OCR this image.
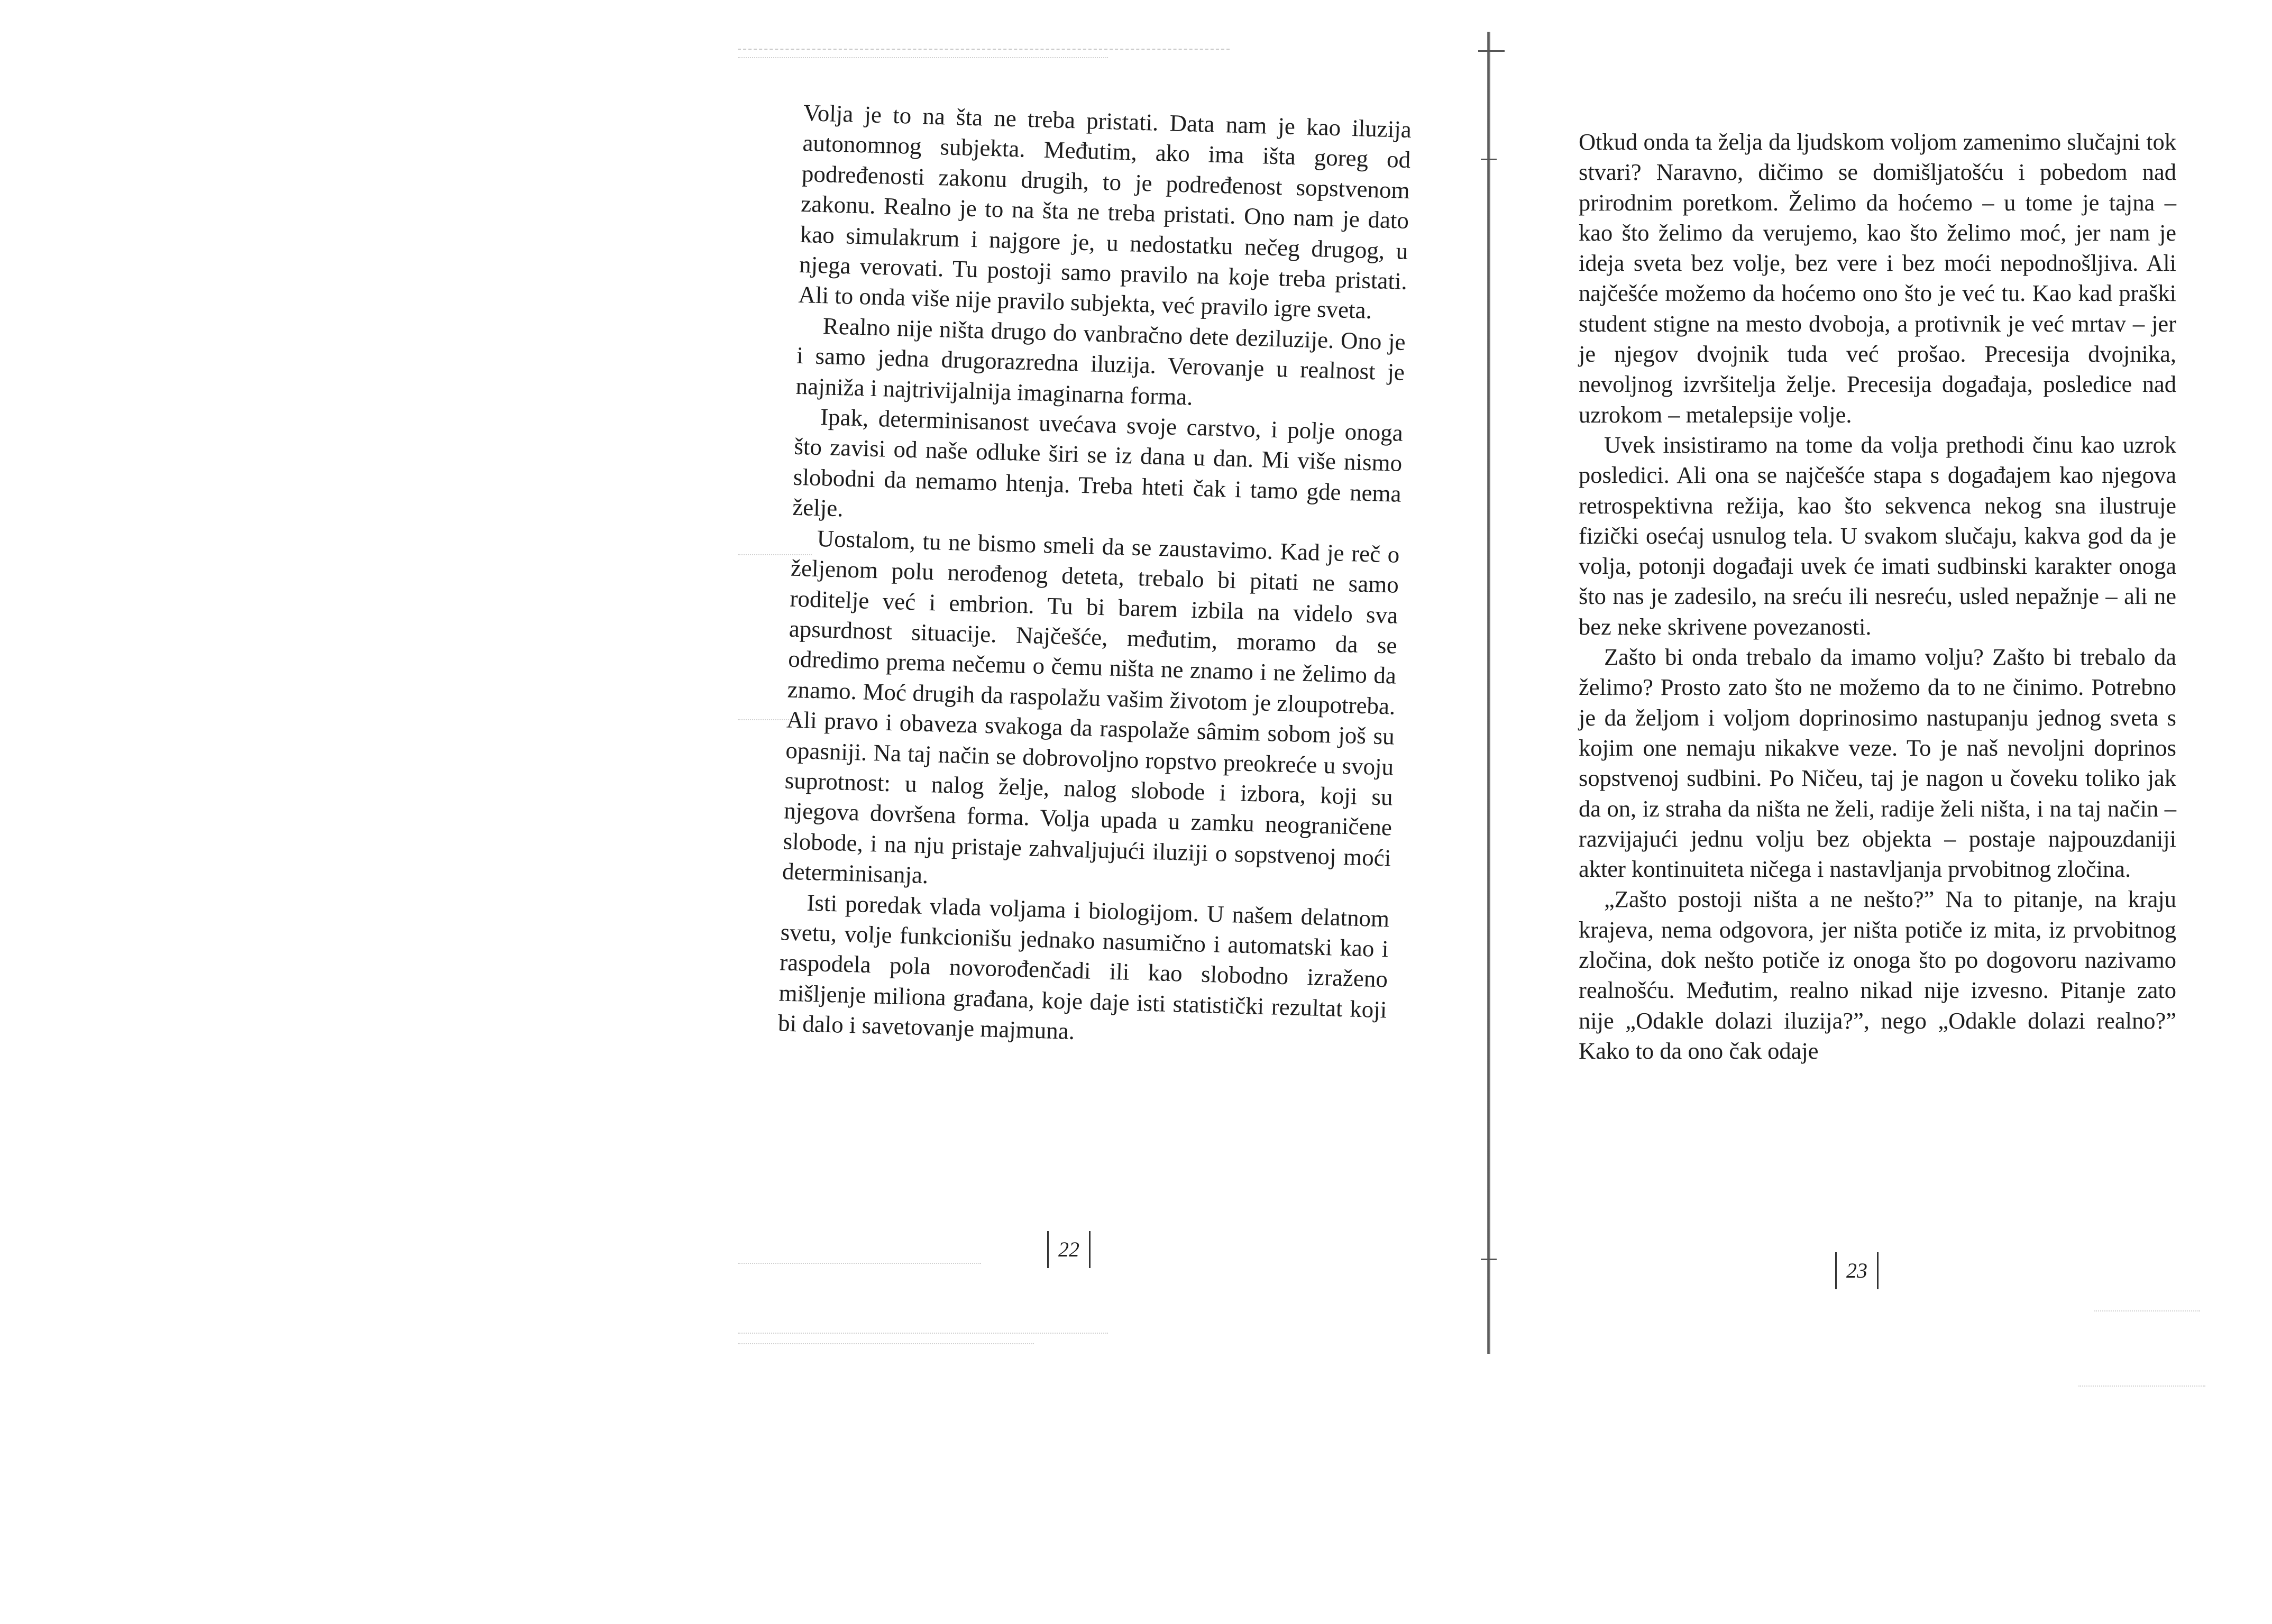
Volja je to na šta ne treba pristati. Data nam je kao iluzija autonomnog subjekta. Međutim, ako ima išta goreg od podređenosti zakonu drugih, to je podređenost sopstvenom zakonu. Realno je to na šta ne treba pristati. Ono nam je dato kao simulakrum i najgore je, u nedostatku nečeg drugog, u njega verovati. Tu postoji samo pravilo na koje treba pristati. Ali to onda više nije pravilo subjekta, već pravilo igre sveta.

Realno nije ništa drugo do vanbračno dete deziluzije. Ono je i samo jedna drugorazredna iluzija. Verovanje u realnost je najniža i najtrivijalnija imaginarna forma.

Ipak, determinisanost uvećava svoje carstvo, i polje onoga što zavisi od naše odluke širi se iz dana u dan. Mi više nismo slobodni da nemamo htenja. Treba hteti čak i tamo gde nema želje.

Uostalom, tu ne bismo smeli da se zaustavimo. Kad je reč o željenom polu nerođenog deteta, trebalo bi pitati ne samo roditelje već i embrion. Tu bi barem izbila na videlo sva apsurdnost situacije. Najčešće, međutim, moramo da se odredimo prema nečemu o čemu ništa ne znamo i ne želimo da znamo. Moć drugih da raspolažu vašim životom je zloupotreba. Ali pravo i obaveza svakoga da raspolaže sâmim sobom još su opasniji. Na taj način se dobrovoljno ropstvo preokreće u svoju suprotnost: u nalog želje, nalog slobode i izbora, koji su njegova dovršena forma. Volja upada u zamku neograničene slobode, i na nju pristaje zahvaljujući iluziji o sopstvenoj moći determinisanja.

Isti poredak vlada voljama i biologijom. U našem delatnom svetu, volje funkcionišu jednako nasumično i automatski kao i raspodela pola novorođenčadi ili kao slobodno izraženo mišljenje miliona građana, koje daje isti statistički rezultat koji bi dalo i savetovanje majmuna.

22

Otkud onda ta želja da ljudskom voljom zamenimo slučajni tok stvari? Naravno, dičimo se domišljatošću i pobedom nad prirodnim poretkom. Želimo da hoćemo – u tome je tajna – kao što želimo da verujemo, kao što želimo moć, jer nam je ideja sveta bez volje, bez vere i bez moći nepodnošljiva. Ali najčešće možemo da hoćemo ono što je već tu. Kao kad praški student stigne na mesto dvoboja, a protivnik je već mrtav – jer je njegov dvojnik tuda već prošao. Precesija dvojnika, nevoljnog izvršitelja želje. Precesija događaja, posledice nad uzrokom – metalepsije volje.

Uvek insistiramo na tome da volja prethodi činu kao uzrok posledici. Ali ona se najčešće stapa s događajem kao njegova retrospektivna režija, kao što sekvenca nekog sna ilustruje fizički osećaj usnulog tela. U svakom slučaju, kakva god da je volja, potonji događaji uvek će imati sudbinski karakter onoga što nas je zadesilo, na sreću ili nesreću, usled nepažnje – ali ne bez neke skrivene povezanosti.

Zašto bi onda trebalo da imamo volju? Zašto bi trebalo da želimo? Prosto zato što ne možemo da to ne činimo. Potrebno je da željom i voljom doprinosimo nastupanju jednog sveta s kojim one nemaju nikakve veze. To je naš nevoljni doprinos sopstvenoj sudbini. Po Ničeu, taj je nagon u čoveku toliko jak da on, iz straha da ništa ne želi, radije želi ništa, i na taj način – razvijajući jednu volju bez objekta – postaje najpouzdaniji akter kontinuiteta ničega i nastavljanja prvobitnog zločina.

„Zašto postoji ništa a ne nešto?” Na to pitanje, na kraju krajeva, nema odgovora, jer ništa potiče iz mita, iz prvobitnog zločina, dok nešto potiče iz onoga što po dogovoru nazivamo realnošću. Međutim, realno nikad nije izvesno. Pitanje zato nije „Odakle dolazi iluzija?”, nego „Odakle dolazi realno?” Kako to da ono čak odaje

23
